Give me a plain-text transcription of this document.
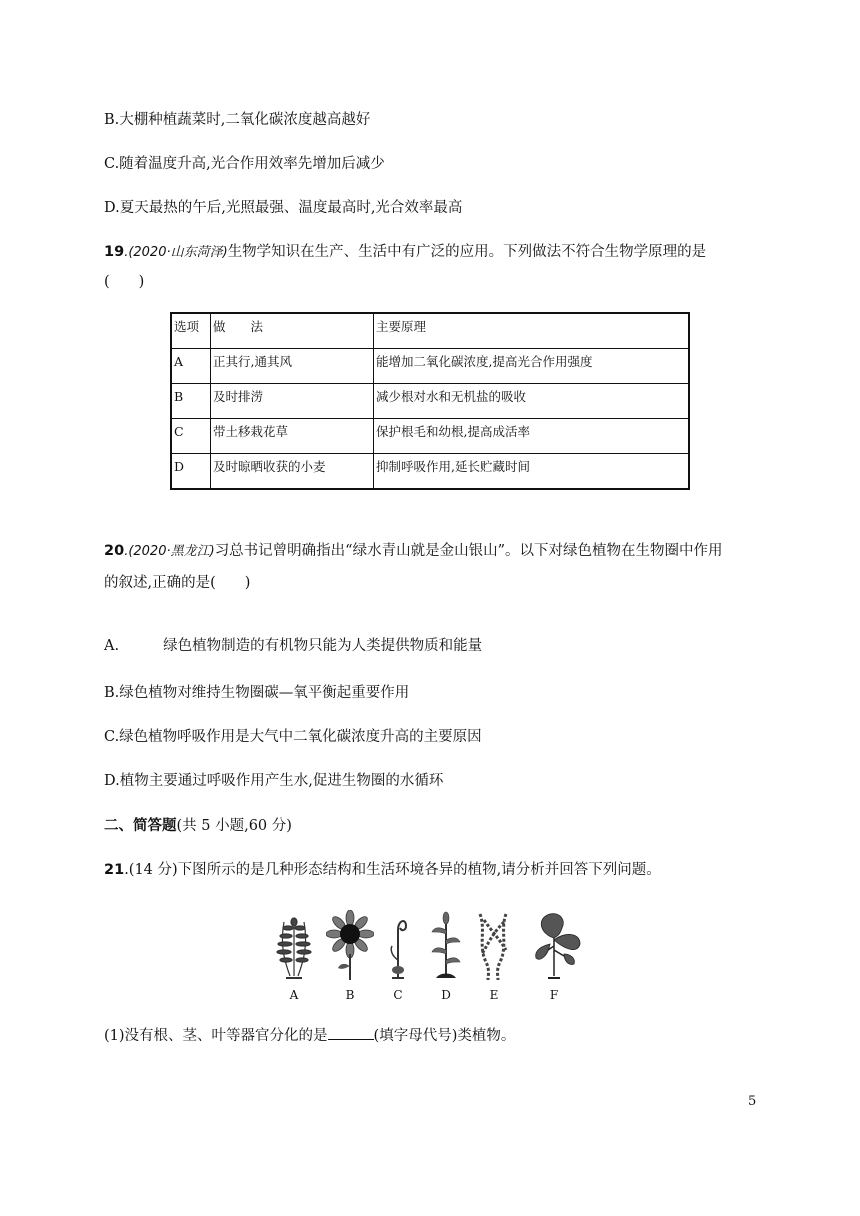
B.大棚种植蔬菜时,二氧化碳浓度越高越好
C.随着温度升高,光合作用效率先增加后减少
D.夏天最热的午后,光照最强、温度最高时,光合效率最高
19.(2020·山东菏泽)生物学知识在生产、生活中有广泛的应用。下列做法不符合生物学原理的是
(　　)
选项	做　　法	主要原理
A	正其行,通其风	能增加二氧化碳浓度,提高光合作用强度
B	及时排涝	减少根对水和无机盐的吸收
C	带土移栽花草	保护根毛和幼根,提高成活率
D	及时晾晒收获的小麦	抑制呼吸作用,延长贮藏时间
20.(2020·黑龙江)习总书记曾明确指出“绿水青山就是金山银山”。以下对绿色植物在生物圈中作用
的叙述,正确的是(　　)
A.	绿色植物制造的有机物只能为人类提供物质和能量
B.绿色植物对维持生物圈碳—氧平衡起重要作用
C.绿色植物呼吸作用是大气中二氧化碳浓度升高的主要原因
D.植物主要通过呼吸作用产生水,促进生物圈的水循环
二、简答题(共 5 小题,60 分)
21.(14 分)下图所示的是几种形态结构和生活环境各异的植物,请分析并回答下列问题。
A	B	C	D	E	F
(1)没有根、茎、叶等器官分化的是	(填字母代号)类植物。
5
